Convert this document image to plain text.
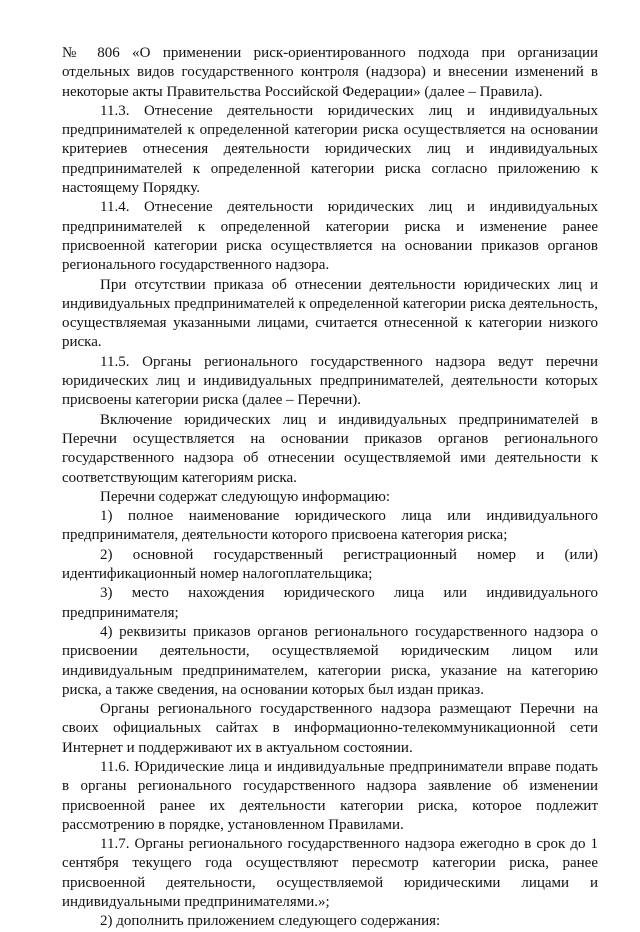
№ 806 «О применении риск-ориентированного подхода при организации отдельных видов государственного контроля (надзора) и внесении изменений в некоторые акты Правительства Российской Федерации» (далее – Правила).

11.3. Отнесение деятельности юридических лиц и индивидуальных предпринимателей к определенной категории риска осуществляется на основании критериев отнесения деятельности юридических лиц и индивидуальных предпринимателей к определенной категории риска согласно приложению к настоящему Порядку.

11.4. Отнесение деятельности юридических лиц и индивидуальных предпринимателей к определенной категории риска и изменение ранее присвоенной категории риска осуществляется на основании приказов органов регионального государственного надзора.

При отсутствии приказа об отнесении деятельности юридических лиц и индивидуальных предпринимателей к определенной категории риска деятельность, осуществляемая указанными лицами, считается отнесенной к категории низкого риска.

11.5. Органы регионального государственного надзора ведут перечни юридических лиц и индивидуальных предпринимателей, деятельности которых присвоены категории риска (далее – Перечни).

Включение юридических лиц и индивидуальных предпринимателей в Перечни осуществляется на основании приказов органов регионального государственного надзора об отнесении осуществляемой ими деятельности к соответствующим категориям риска.

Перечни содержат следующую информацию:

1) полное наименование юридического лица или индивидуального предпринимателя, деятельности которого присвоена категория риска;

2) основной государственный регистрационный номер и (или) идентификационный номер налогоплательщика;

3) место нахождения юридического лица или индивидуального предпринимателя;

4) реквизиты приказов органов регионального государственного надзора о присвоении деятельности, осуществляемой юридическим лицом или индивидуальным предпринимателем, категории риска, указание на категорию риска, а также сведения, на основании которых был издан приказ.

Органы регионального государственного надзора размещают Перечни на своих официальных сайтах в информационно-телекоммуникационной сети Интернет и поддерживают их в актуальном состоянии.

11.6. Юридические лица и индивидуальные предприниматели вправе подать в органы регионального государственного надзора заявление об изменении присвоенной ранее их деятельности категории риска, которое подлежит рассмотрению в порядке, установленном Правилами.

11.7. Органы регионального государственного надзора ежегодно в срок до 1 сентября текущего года осуществляют пересмотр категории риска, ранее присвоенной деятельности, осуществляемой юридическими лицами и индивидуальными предпринимателями.»;

2) дополнить приложением следующего содержания:
